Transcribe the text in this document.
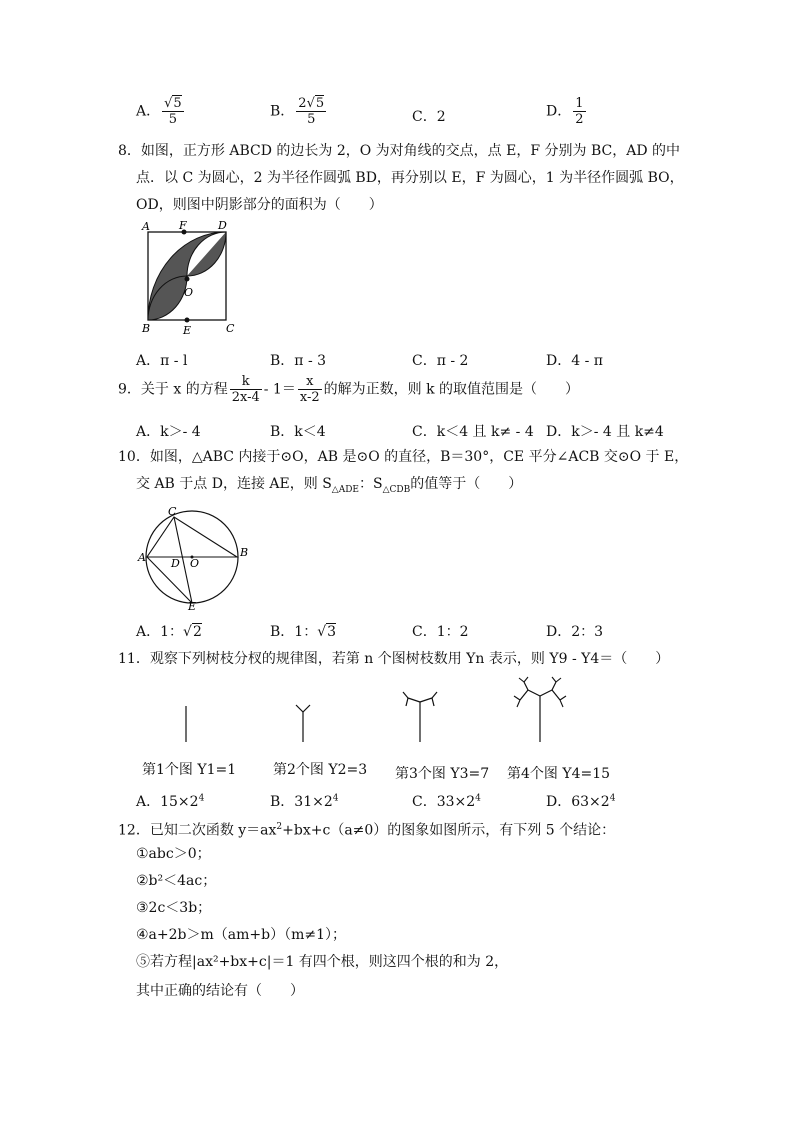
A． $\frac{√5}{5}$	B． $\frac{2√5}{5}$	C．2	D． $\frac{1}{2}$
8．如图，正方形 ABCD 的边长为 2，O 为对角线的交点，点 E，F 分别为 BC，AD 的中
点．以 C 为圆心，2 为半径作圆弧 BD，再分别以 E，F 为圆心，1 为半径作圆弧 BO，
OD，则图中阴影部分的面积为（　　）
A	F	D
O
B	E	C
A．π - l	B．π - 3	C．π - 2	D．4 - π
9．关于 x 的方程 $\frac{k}{2x-4} - 1= \frac{x}{x-2}$ 的解为正数，则 k 的取值范围是（　　）
A．k＞- 4	B．k＜4	C．k＜4 且 k≠ - 4 D．k＞- 4 且 k≠4
10．如图，△ABC 内接于⊙O，AB 是⊙O 的直径，B＝30°，CE 平分∠ACB 交⊙O 于 E，
交 AB 于点 D，连接 AE，则 $S_{\triangle ADE}$：$S_{\triangle CDB}$的值等于（　　）
C
A D O
B
E
A．1：√2	B．1：√3	C．1：2	D．2：3
11．观察下列树枝分杈的规律图，若第 n 个图树枝数用 Yn 表示，则 Y9 - Y4＝（　　）
第1个图 Y1=1	第2个图 Y2=3 第3个图 Y3=7 第4个图 Y4=15
A．$15\times 2^4$	B．$31\times 2^4$	C．$33\times 2^4$	D．$63\times 2^4$
12．已知二次函数 $y=ax^2+bx+c(a\ne 0)$的图象如图所示，有下列 5 个结论：
①abc＞0；
②b²＜4ac；
③2c＜3b；
④a+2b＞m（am+b）（m≠1）；
⑤若方程|ax²+bx+c|＝1 有四个根，则这四个根的和为 2，
其中正确的结论有（　　）
